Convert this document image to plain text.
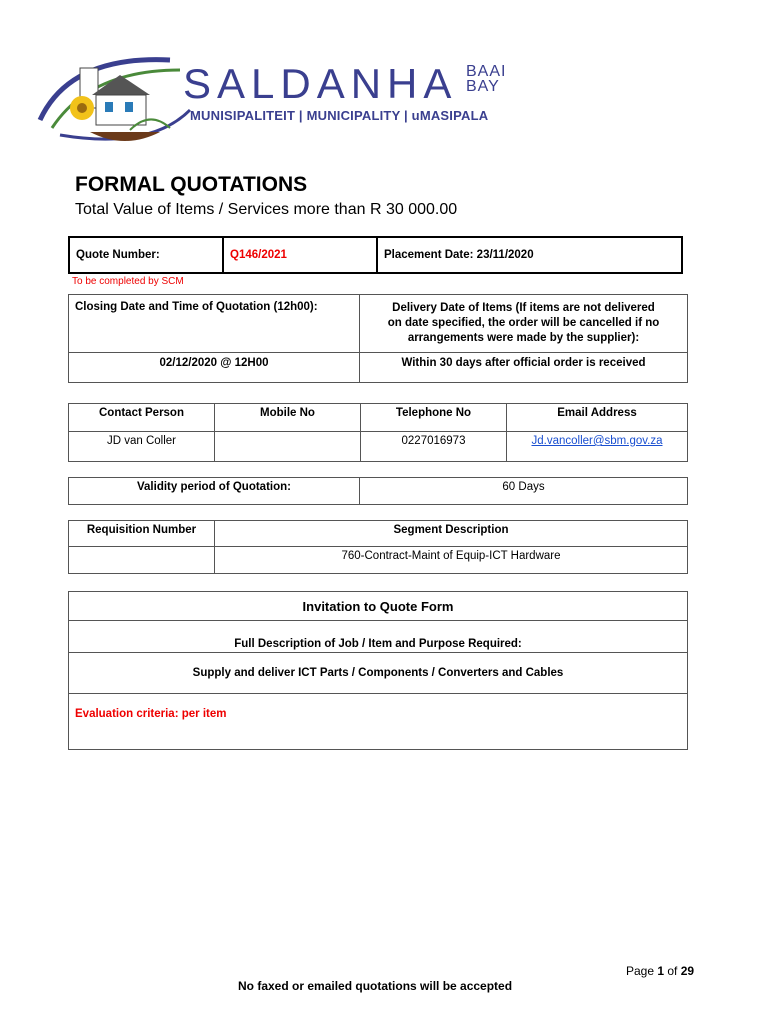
SALDANHA BAAI
BAY
MUNISIPALITEIT | MUNICIPALITY | uMASIPALA
FORMAL QUOTATIONS
Total Value of Items / Services more than R 30 000.00
Quote Number:	Q146/2021	Placement Date: 23/11/2020
To be completed by SCM
Closing Date and Time of Quotation (12h00):	Delivery Date of Items (If items are not delivered
on date specified, the order will be cancelled if no
arrangements were made by the supplier):

02/12/2020 @ 12H00	Within 30 days after official order is received
Contact Person	Mobile No	Telephone No	Email Address
JD van Coller		0227016973	Jd.vancoller@sbm.gov.za
Validity period of Quotation:	60 Days
Requisition Number	Segment Description
	760-Contract-Maint of Equip-ICT Hardware
Invitation to Quote Form
Full Description of Job / Item and Purpose Required:
Supply and deliver ICT Parts / Components / Converters and Cables
Evaluation criteria: per item
Page 1 of 29
No faxed or emailed quotations will be accepted
